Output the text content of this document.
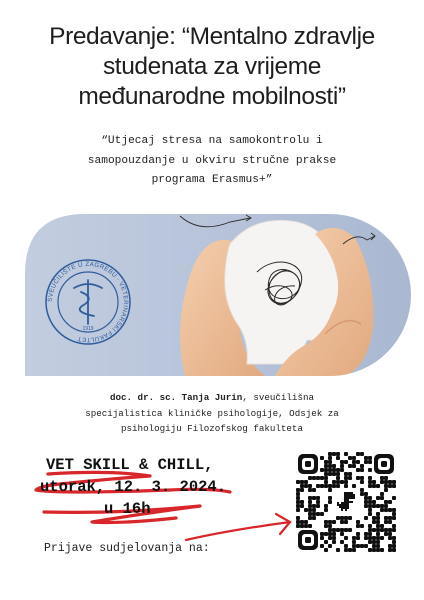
Predavanje: “Mentalno zdravlje
studenata za vrijeme
međunarodne mobilnosti”
“Utjecaj stresa na samokontrolu i
samopouzdanje u okviru stručne prakse
programa Erasmus+”
SVEUČILIŠTE U ZAGREBU · VETERINARSKI FAKULTET
1919
doc. dr. sc. Tanja Jurin, sveučilišna
specijalistica kliničke psihologije, Odsjek za
psihologiju Filozofskog fakulteta
VET SKILL & CHILL,
utorak, 12. 3. 2024.
u 16h
Prijave sudjelovanja na:
